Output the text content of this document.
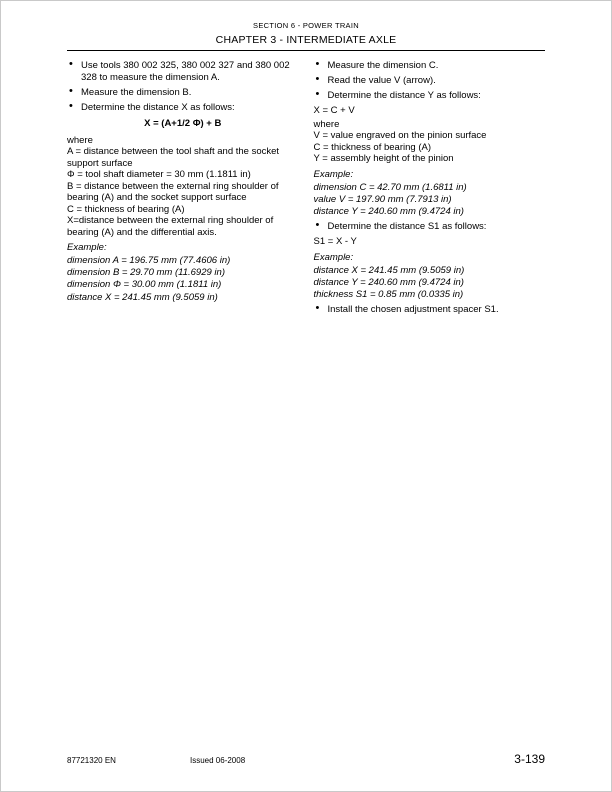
SECTION 6 - POWER TRAIN
CHAPTER 3 - INTERMEDIATE AXLE
• Use tools 380 002 325, 380 002 327 and 380 002 328 to measure the dimension A.
• Measure the dimension B.
• Determine the distance X as follows:
X = (A+1/2 Φ) + B
where
A = distance between the tool shaft and the socket support surface
Φ = tool shaft diameter = 30 mm (1.1811 in)
B = distance between the external ring shoulder of bearing (A) and the socket support surface
C = thickness of bearing (A)
X=distance between the external ring shoulder of bearing (A) and the differential axis.
Example:
dimension A = 196.75 mm (77.4606 in)
dimension B = 29.70 mm (11.6929 in)
dimension Φ = 30.00 mm (1.1811 in)
distance X = 241.45 mm (9.5059 in)
• Measure the dimension C.
• Read the value V (arrow).
• Determine the distance Y as follows:
X = C + V
where
V = value engraved on the pinion surface
C = thickness of bearing (A)
Y = assembly height of the pinion
Example:
dimension C = 42.70 mm (1.6811 in)
value V = 197.90 mm (7.7913 in)
distance Y = 240.60 mm (9.4724 in)
• Determine the distance S1 as follows:
S1 = X - Y
Example:
distance X = 241.45 mm (9.5059 in)
distance Y = 240.60 mm (9.4724 in)
thickness S1 = 0.85 mm (0.0335 in)
• Install the chosen adjustment spacer S1.
87721320 EN	Issued 06-2008	3-139
